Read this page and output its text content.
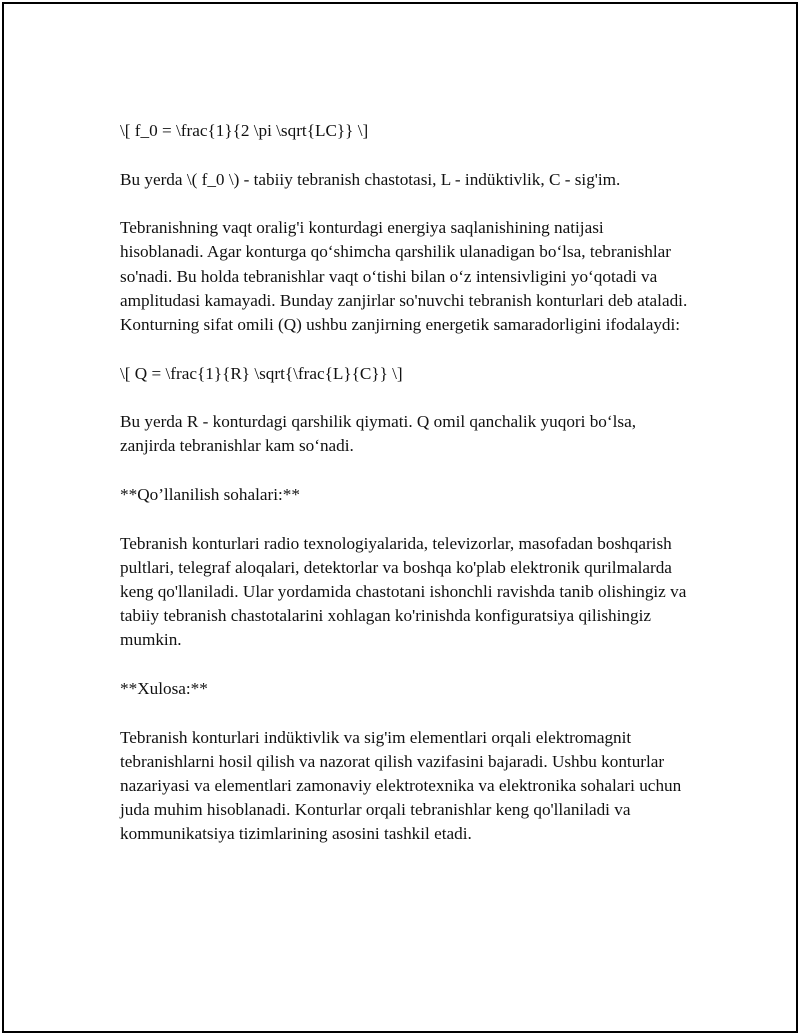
\[ f_0 = \frac{1}{2 \pi \sqrt{LC}} \]

Bu yerda \( f_0 \) - tabiiy tebranish chastotasi, L - indüktivlik, C - sig'im.

Tebranishning vaqt oralig'i konturdagi energiya saqlanishining natijasi hisoblanadi. Agar konturga qo‘shimcha qarshilik ulanadigan bo‘lsa, tebranishlar so'nadi. Bu holda tebranishlar vaqt o‘tishi bilan o‘z intensivligini yo‘qotadi va amplitudasi kamayadi. Bunday zanjirlar so'nuvchi tebranish konturlari deb ataladi. Konturning sifat omili (Q) ushbu zanjirning energetik samaradorligini ifodalaydi:

\[ Q = \frac{1}{R} \sqrt{\frac{L}{C}} \]

Bu yerda R - konturdagi qarshilik qiymati. Q omil qanchalik yuqori bo‘lsa, zanjirda tebranishlar kam so‘nadi.

**Qo’llanilish sohalari:**

Tebranish konturlari radio texnologiyalarida, televizorlar, masofadan boshqarish pultlari, telegraf aloqalari, detektorlar va boshqa ko'plab elektronik qurilmalarda keng qo'llaniladi. Ular yordamida chastotani ishonchli ravishda tanib olishingiz va tabiiy tebranish chastotalarini xohlagan ko'rinishda konfiguratsiya qilishingiz mumkin.

**Xulosa:**

Tebranish konturlari indüktivlik va sig'im elementlari orqali elektromagnit tebranishlarni hosil qilish va nazorat qilish vazifasini bajaradi. Ushbu konturlar nazariyasi va elementlari zamonaviy elektrotexnika va elektronika sohalari uchun juda muhim hisoblanadi. Konturlar orqali tebranishlar keng qo'llaniladi va kommunikatsiya tizimlarining asosini tashkil etadi.
